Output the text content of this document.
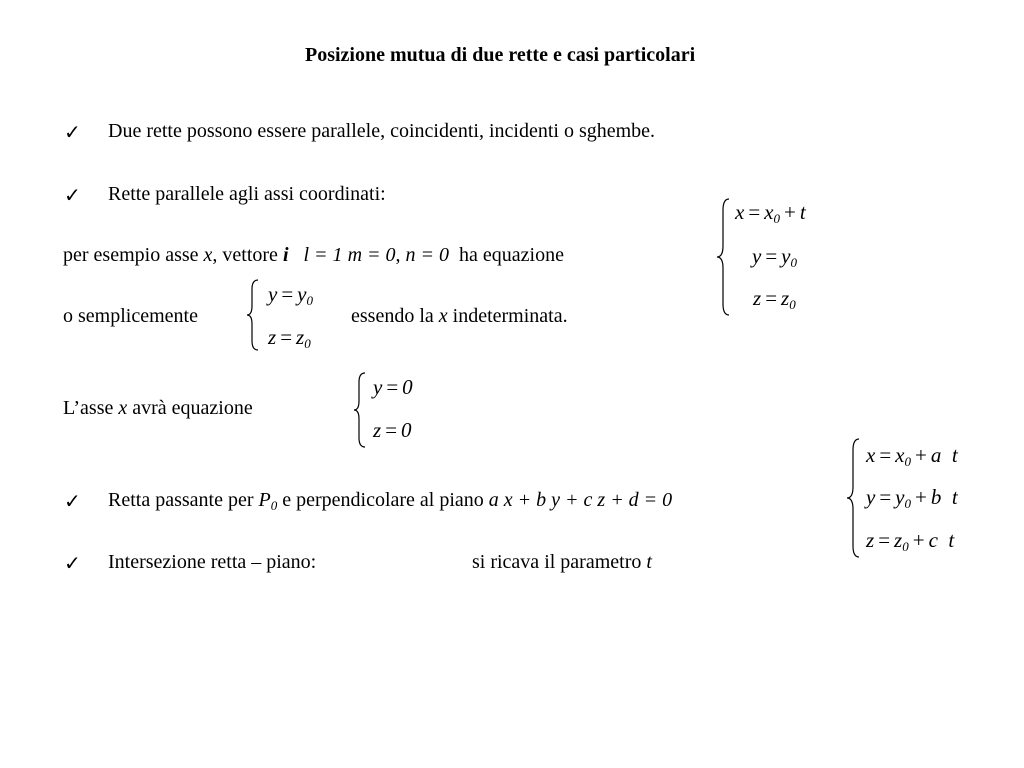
Posizione mutua di due rette e casi particolari
✓ Due rette possono essere parallele, coincidenti, incidenti o sghembe.
✓ Rette parallele agli assi coordinati:
per esempio asse x, vettore i l = 1 m = 0, n = 0 ha equazione
$x = x_0 + t$
$y = y_0$
$z = z_0$
o semplicemente
$y = y_0$
$z = z_0$
essendo la x indeterminata.
L’asse x avrà equazione
y = 0
z = 0
$x = x_0 + a$ t
$y = y_0 + b$ t
$z = z_0 + c$ t
✓ Retta passante per $P_0$ e perpendicolare al piano a x + b y + c z + d = 0
✓ Intersezione retta – piano:	si ricava il parametro t
